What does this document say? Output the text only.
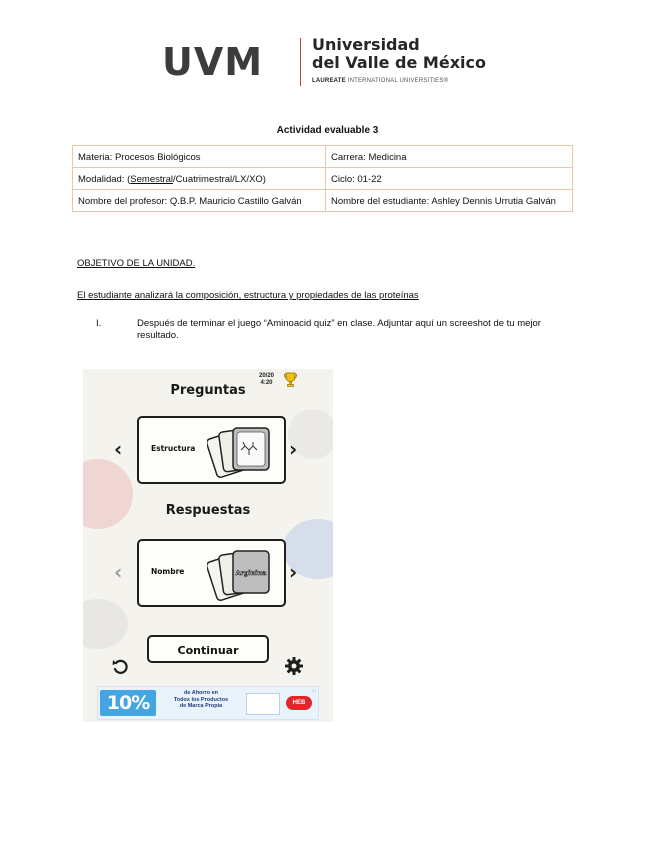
UVM	Universidad
del Valle de México
LAUREATE INTERNATIONAL UNIVERSITIES®
Actividad evaluable 3
Materia: Procesos Biológicos	Carrera: Medicina
Modalidad: (Semestral/Cuatrimestral/LX/XO)	Ciclo: 01-22
Nombre del profesor: Q.B.P. Mauricio Castillo Galván	Nombre del estudiante: Ashley Dennis Urrutia Galván
OBJETIVO DE LA UNIDAD.
El estudiante analizará la composición, estructura y propiedades de las proteínas
I.	Después de terminar el juego “Aminoacid quiz” en clase. Adjuntar aquí un screeshot de tu mejor resultado.
Preguntas
20/20
4:20
‹	Estructura	›
Respuestas
‹	Nombre	Arginina ›
Continuar
10%	de Ahorro en
Todos los Productos
de Marca Propia	HEB
▷
